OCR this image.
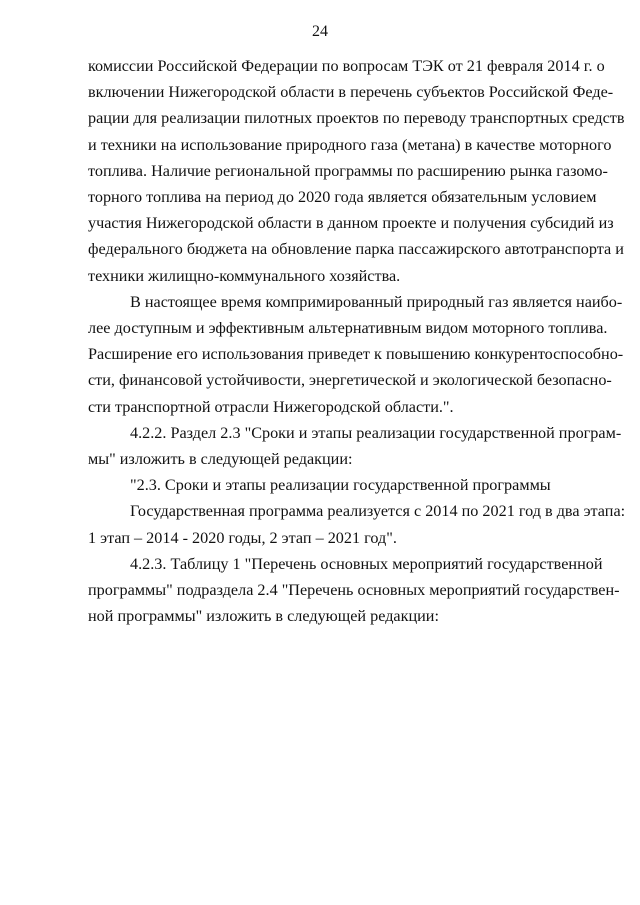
24

комиссии Российской Федерации по вопросам ТЭК от 21 февраля 2014 г. о
включении Нижегородской области в перечень субъектов Российской Феде-
рации для реализации пилотных проектов по переводу транспортных средств
и техники на использование природного газа (метана) в качестве моторного
топлива. Наличие региональной программы по расширению рынка газомо-
торного топлива на период до 2020 года является обязательным условием
участия Нижегородской области в данном проекте и получения субсидий из
федерального бюджета на обновление парка пассажирского автотранспорта и
техники жилищно-коммунального хозяйства.

В настоящее время компримированный природный газ является наибо-
лее доступным и эффективным альтернативным видом моторного топлива.
Расширение его использования приведет к повышению конкурентоспособно-
сти, финансовой устойчивости, энергетической и экологической безопасно-
сти транспортной отрасли Нижегородской области.".

4.2.2. Раздел 2.3 "Сроки и этапы реализации государственной програм-
мы" изложить в следующей редакции:

"2.3. Сроки и этапы реализации государственной программы

Государственная программа реализуется с 2014 по 2021 год в два этапа:
1 этап – 2014 - 2020 годы, 2 этап – 2021 год".

4.2.3. Таблицу 1 "Перечень основных мероприятий государственной
программы" подраздела 2.4 "Перечень основных мероприятий государствен-
ной программы" изложить в следующей редакции:
